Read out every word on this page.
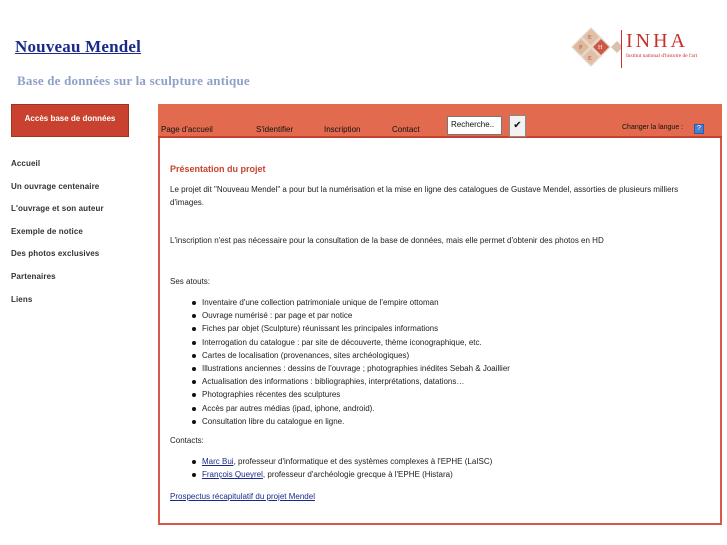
Nouveau Mendel
Base de données sur la sculpture antique
E
P	H
E
INHA
Institut national d'histoire de l'art
Accès base de données
Accueil
Un ouvrage centenaire
L'ouvrage et son auteur
Exemple de notice
Des photos exclusives
Partenaires
Liens
Page d'accueil	S'identifier	Inscription	Contact
Recherche..	✔	Changer la langue :	?
Présentation du projet
Le projet dit "Nouveau Mendel" a pour but la numérisation et la mise en ligne des catalogues de Gustave Mendel, assorties de plusieurs milliers d'images.
L'inscription n'est pas nécessaire pour la consultation de la base de données, mais elle permet d'obtenir des photos en HD
Ses atouts:
Inventaire d'une collection patrimoniale unique de l'empire ottoman
Ouvrage numérisé : par page et par notice
Fiches par objet (Sculpture) réunissant les principales informations
Interrogation du catalogue : par site de découverte, thème iconographique, etc.
Cartes de localisation (provenances, sites archéologiques)
Illustrations anciennes : dessins de l'ouvrage ; photographies inédites Sebah & Joaillier
Actualisation des informations : bibliographies, interprétations, datations…
Photographies récentes des sculptures
Accès par autres médias (ipad, iphone, android).
Consultation libre du catalogue en ligne.
Contacts:
Marc Bui, professeur d'informatique et des systèmes complexes à l'EPHE (LaISC)
François Queyrel, professeur d'archéologie grecque à l'EPHE (Histara)
Prospectus récapitulatif du projet Mendel
